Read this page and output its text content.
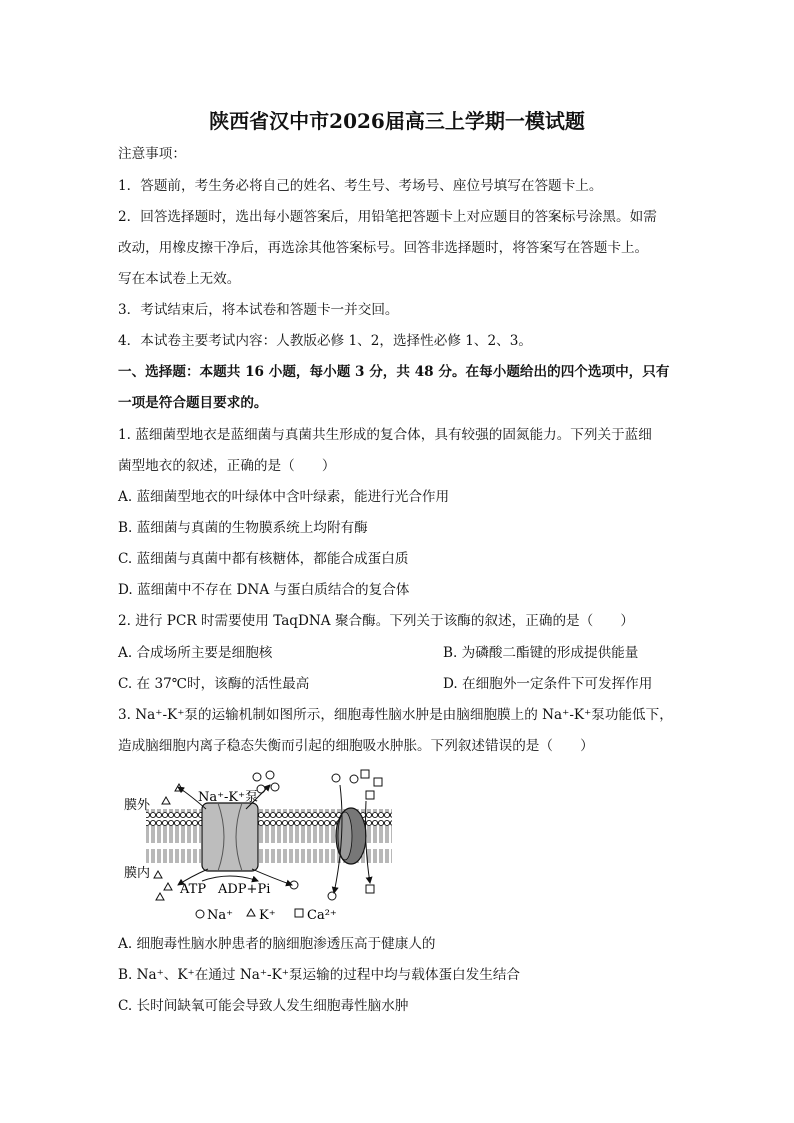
陕西省汉中市2026届高三上学期一模试题
注意事项：
1．答题前，考生务必将自己的姓名、考生号、考场号、座位号填写在答题卡上。
2．回答选择题时，选出每小题答案后，用铅笔把答题卡上对应题目的答案标号涂黑。如需
改动，用橡皮擦干净后，再选涂其他答案标号。回答非选择题时，将答案写在答题卡上。
写在本试卷上无效。
3．考试结束后，将本试卷和答题卡一并交回。
4．本试卷主要考试内容：人教版必修 1、2，选择性必修 1、2、3。
一、选择题：本题共 16 小题，每小题 3 分，共 48 分。在每小题给出的四个选项中，只有
一项是符合题目要求的。
1. 蓝细菌型地衣是蓝细菌与真菌共生形成的复合体，具有较强的固氮能力。下列关于蓝细
菌型地衣的叙述，正确的是（　　）
A. 蓝细菌型地衣的叶绿体中含叶绿素，能进行光合作用
B. 蓝细菌与真菌的生物膜系统上均附有酶
C. 蓝细菌与真菌中都有核糖体，都能合成蛋白质
D. 蓝细菌中不存在 DNA 与蛋白质结合的复合体
2. 进行 PCR 时需要使用 TaqDNA 聚合酶。下列关于该酶的叙述，正确的是（　　）
A. 合成场所主要是细胞核	B. 为磷酸二酯键的形成提供能量
C. 在 37℃时，该酶的活性最高	D. 在细胞外一定条件下可发挥作用
3. Na⁺-K⁺泵的运输机制如图所示，细胞毒性脑水肿是由脑细胞膜上的 Na⁺-K⁺泵功能低下，
造成脑细胞内离子稳态失衡而引起的细胞吸水肿胀。下列叙述错误的是（　　）
膜外
膜内
Na⁺-K⁺泵
ATP ADP+Pi
Na⁺ K⁺ Ca²⁺
A. 细胞毒性脑水肿患者的脑细胞渗透压高于健康人的
B. Na⁺、K⁺在通过 Na⁺-K⁺泵运输的过程中均与载体蛋白发生结合
C. 长时间缺氧可能会导致人发生细胞毒性脑水肿
